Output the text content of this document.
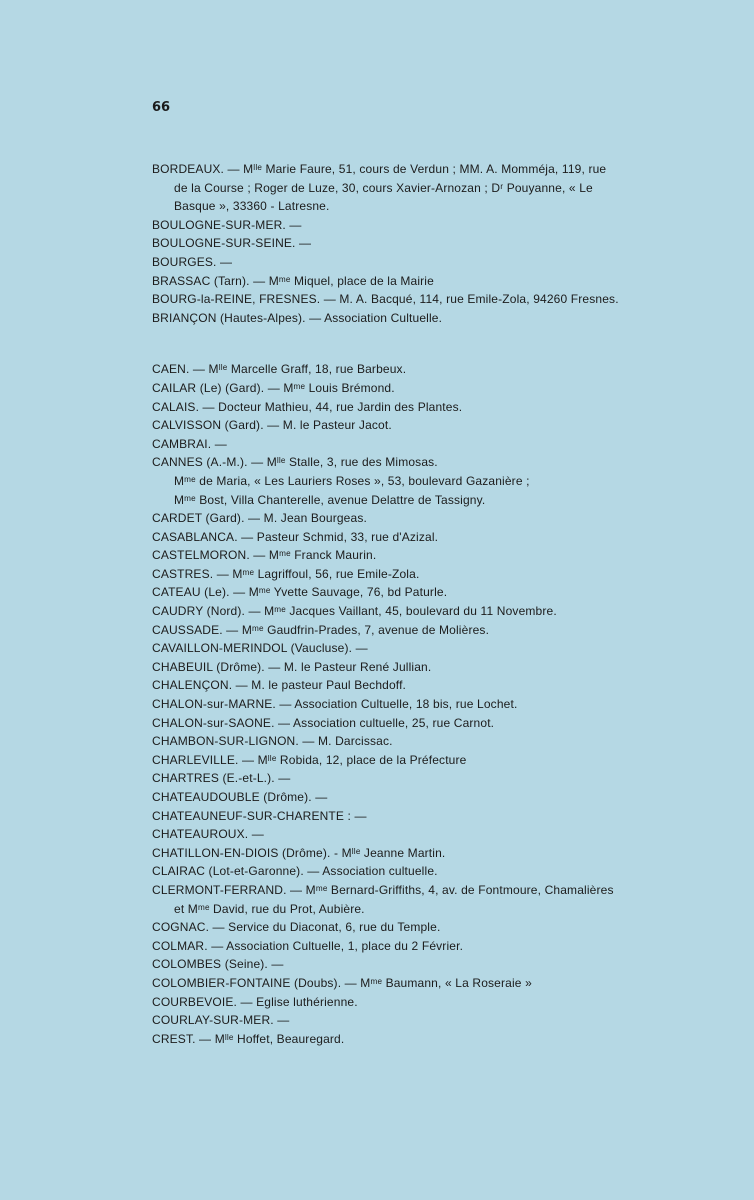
66

BORDEAUX. — Mˡˡᵉ Marie Faure, 51, cours de Verdun ; MM. A. Momméja, 119, rue

de la Course ; Roger de Luze, 30, cours Xavier-Arnozan ; Dʳ Pouyanne, « Le

Basque », 33360 - Latresne.

BOULOGNE-SUR-MER. —

BOULOGNE-SUR-SEINE. —

BOURGES. —

BRASSAC (Tarn). — Mᵐᵉ Miquel, place de la Mairie

BOURG-la-REINE, FRESNES. — M. A. Bacqué, 114, rue Emile-Zola, 94260 Fresnes.

BRIANÇON (Hautes-Alpes). — Association Cultuelle.

CAEN. — Mˡˡᵉ Marcelle Graff, 18, rue Barbeux.

CAILAR (Le) (Gard). — Mᵐᵉ Louis Brémond.

CALAIS. — Docteur Mathieu, 44, rue Jardin des Plantes.

CALVISSON (Gard). — M. le Pasteur Jacot.

CAMBRAI. —

CANNES (A.-M.). — Mˡˡᵉ Stalle, 3, rue des Mimosas.

Mᵐᵉ de Maria, « Les Lauriers Roses », 53, boulevard Gazanière ;

Mᵐᵉ Bost, Villa Chanterelle, avenue Delattre de Tassigny.

CARDET (Gard). — M. Jean Bourgeas.

CASABLANCA. — Pasteur Schmid, 33, rue d'Azizal.

CASTELMORON. — Mᵐᵉ Franck Maurin.

CASTRES. — Mᵐᵉ Lagriffoul, 56, rue Emile-Zola.

CATEAU (Le). — Mᵐᵉ Yvette Sauvage, 76, bd Paturle.

CAUDRY (Nord). — Mᵐᵉ Jacques Vaillant, 45, boulevard du 11 Novembre.

CAUSSADE. — Mᵐᵉ Gaudfrin-Prades, 7, avenue de Molières.

CAVAILLON-MERINDOL (Vaucluse). —

CHABEUIL (Drôme). — M. le Pasteur René Jullian.

CHALENÇON. — M. le pasteur Paul Bechdoff.

CHALON-sur-MARNE. — Association Cultuelle, 18 bis, rue Lochet.

CHALON-sur-SAONE. — Association cultuelle, 25, rue Carnot.

CHAMBON-SUR-LIGNON. — M. Darcissac.

CHARLEVILLE. — Mˡˡᵉ Robida, 12, place de la Préfecture

CHARTRES (E.-et-L.). —

CHATEAUDOUBLE (Drôme). —

CHATEAUNEUF-SUR-CHARENTE : —

CHATEAUROUX. —

CHATILLON-EN-DIOIS (Drôme). - Mˡˡᵉ Jeanne Martin.

CLAIRAC (Lot-et-Garonne). — Association cultuelle.

CLERMONT-FERRAND. — Mᵐᵉ Bernard-Griffiths, 4, av. de Fontmoure, Chamalières

et Mᵐᵉ David, rue du Prot, Aubière.

COGNAC. — Service du Diaconat, 6, rue du Temple.

COLMAR. — Association Cultuelle, 1, place du 2 Février.

COLOMBES (Seine). —

COLOMBIER-FONTAINE (Doubs). — Mᵐᵉ Baumann, « La Roseraie »

COURBEVOIE. — Eglise luthérienne.

COURLAY-SUR-MER. —

CREST. — Mˡˡᵉ Hoffet, Beauregard.
